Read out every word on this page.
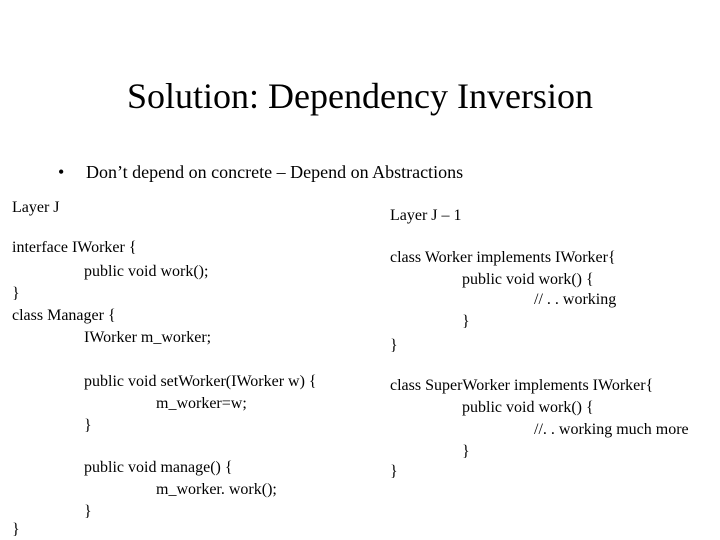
Solution: Dependency Inversion
• Don’t depend on concrete – Depend on Abstractions
Layer J
interface IWorker {
public void work();
}
class Manager {
IWorker m_worker;
public void setWorker(IWorker w) {
m_worker=w;
}
public void manage() {
m_worker. work();
}
}
Layer J – 1
class Worker implements IWorker{
public void work() {
// . . working
}
}
class SuperWorker implements IWorker{
public void work() {
//. . working much more
}
}
